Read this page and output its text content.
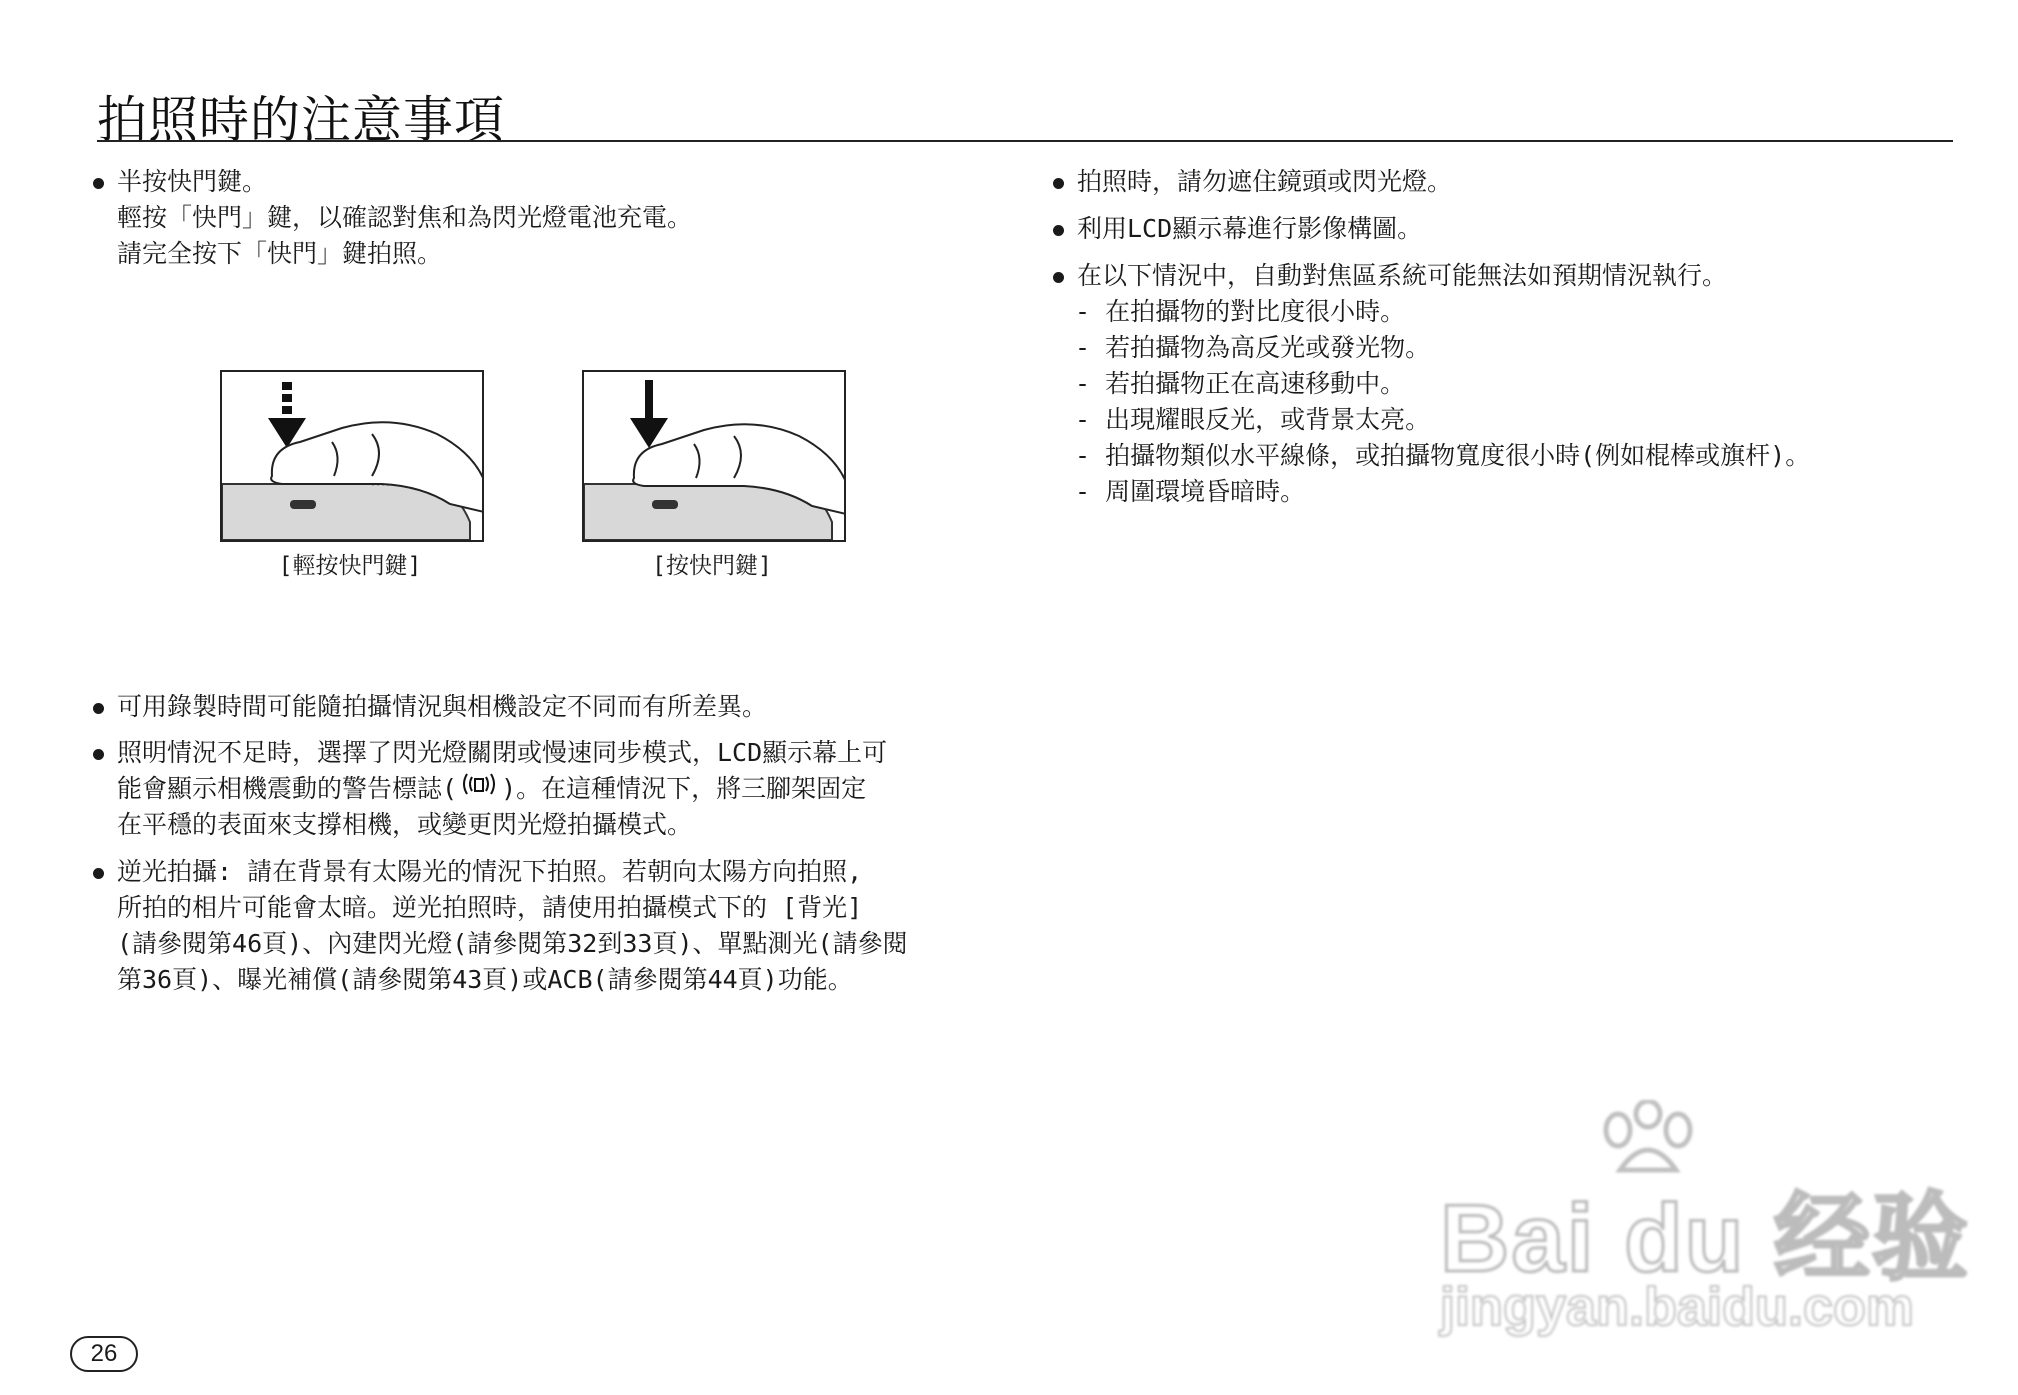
拍照時的注意事項
半按快門鍵。
輕按「快門」鍵，以確認對焦和為閃光燈電池充電。
請完全按下「快門」鍵拍照。
[輕按快門鍵]	[按快門鍵]
可用錄製時間可能隨拍攝情況與相機設定不同而有所差異。
照明情況不足時，選擇了閃光燈關閉或慢速同步模式，LCD顯示幕上可
能會顯示相機震動的警告標誌( )。在這種情況下，將三腳架固定
在平穩的表面來支撐相機，或變更閃光燈拍攝模式。
逆光拍攝: 請在背景有太陽光的情況下拍照。若朝向太陽方向拍照,
所拍的相片可能會太暗。逆光拍照時，請使用拍攝模式下的 [背光]
(請參閱第46頁)、內建閃光燈(請參閱第32到33頁)、單點測光(請參閱
第36頁)、曝光補償(請參閱第43頁)或ACB(請參閱第44頁)功能。
拍照時，請勿遮住鏡頭或閃光燈。
利用LCD顯示幕進行影像構圖。
在以下情況中，自動對焦區系統可能無法如預期情況執行。
- 在拍攝物的對比度很小時。
- 若拍攝物為高反光或發光物。
- 若拍攝物正在高速移動中。
- 出現耀眼反光，或背景太亮。
- 拍攝物類似水平線條，或拍攝物寬度很小時(例如棍棒或旗杆)。
- 周圍環境昏暗時。
26
Bai du 经验
jingyan.baidu.com
